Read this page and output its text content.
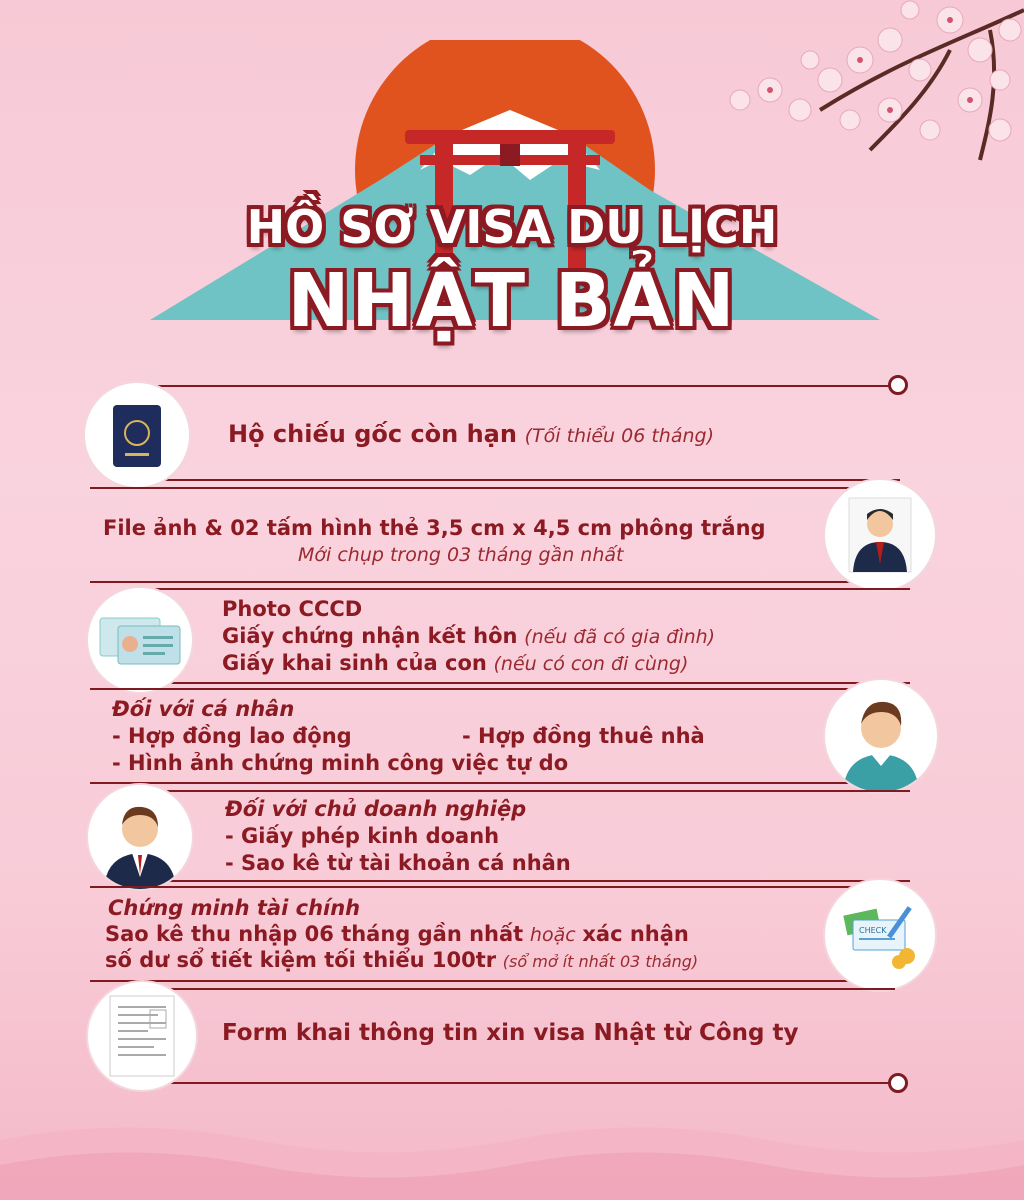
HỒ SƠ VISA DU LỊCH
NHẬT BẢN
Hộ chiếu gốc còn hạn (Tối thiểu 06 tháng)
File ảnh & 02 tấm hình thẻ 3,5 cm x 4,5 cm phông trắng
Mới chụp trong 03 tháng gần nhất
Photo CCCD
Giấy chứng nhận kết hôn (nếu đã có gia đình)
Giấy khai sinh của con (nếu có con đi cùng)
Đối với cá nhân
- Hợp đồng lao động	- Hợp đồng thuê nhà
- Hình ảnh chứng minh công việc tự do
Đối với chủ doanh nghiệp
- Giấy phép kinh doanh
- Sao kê từ tài khoản cá nhân
CHECK
Chứng minh tài chính
Sao kê thu nhập 06 tháng gần nhất hoặc xác nhận
số dư sổ tiết kiệm tối thiểu 100tr (sổ mở ít nhất 03 tháng)
Form khai thông tin xin visa Nhật từ Công ty
